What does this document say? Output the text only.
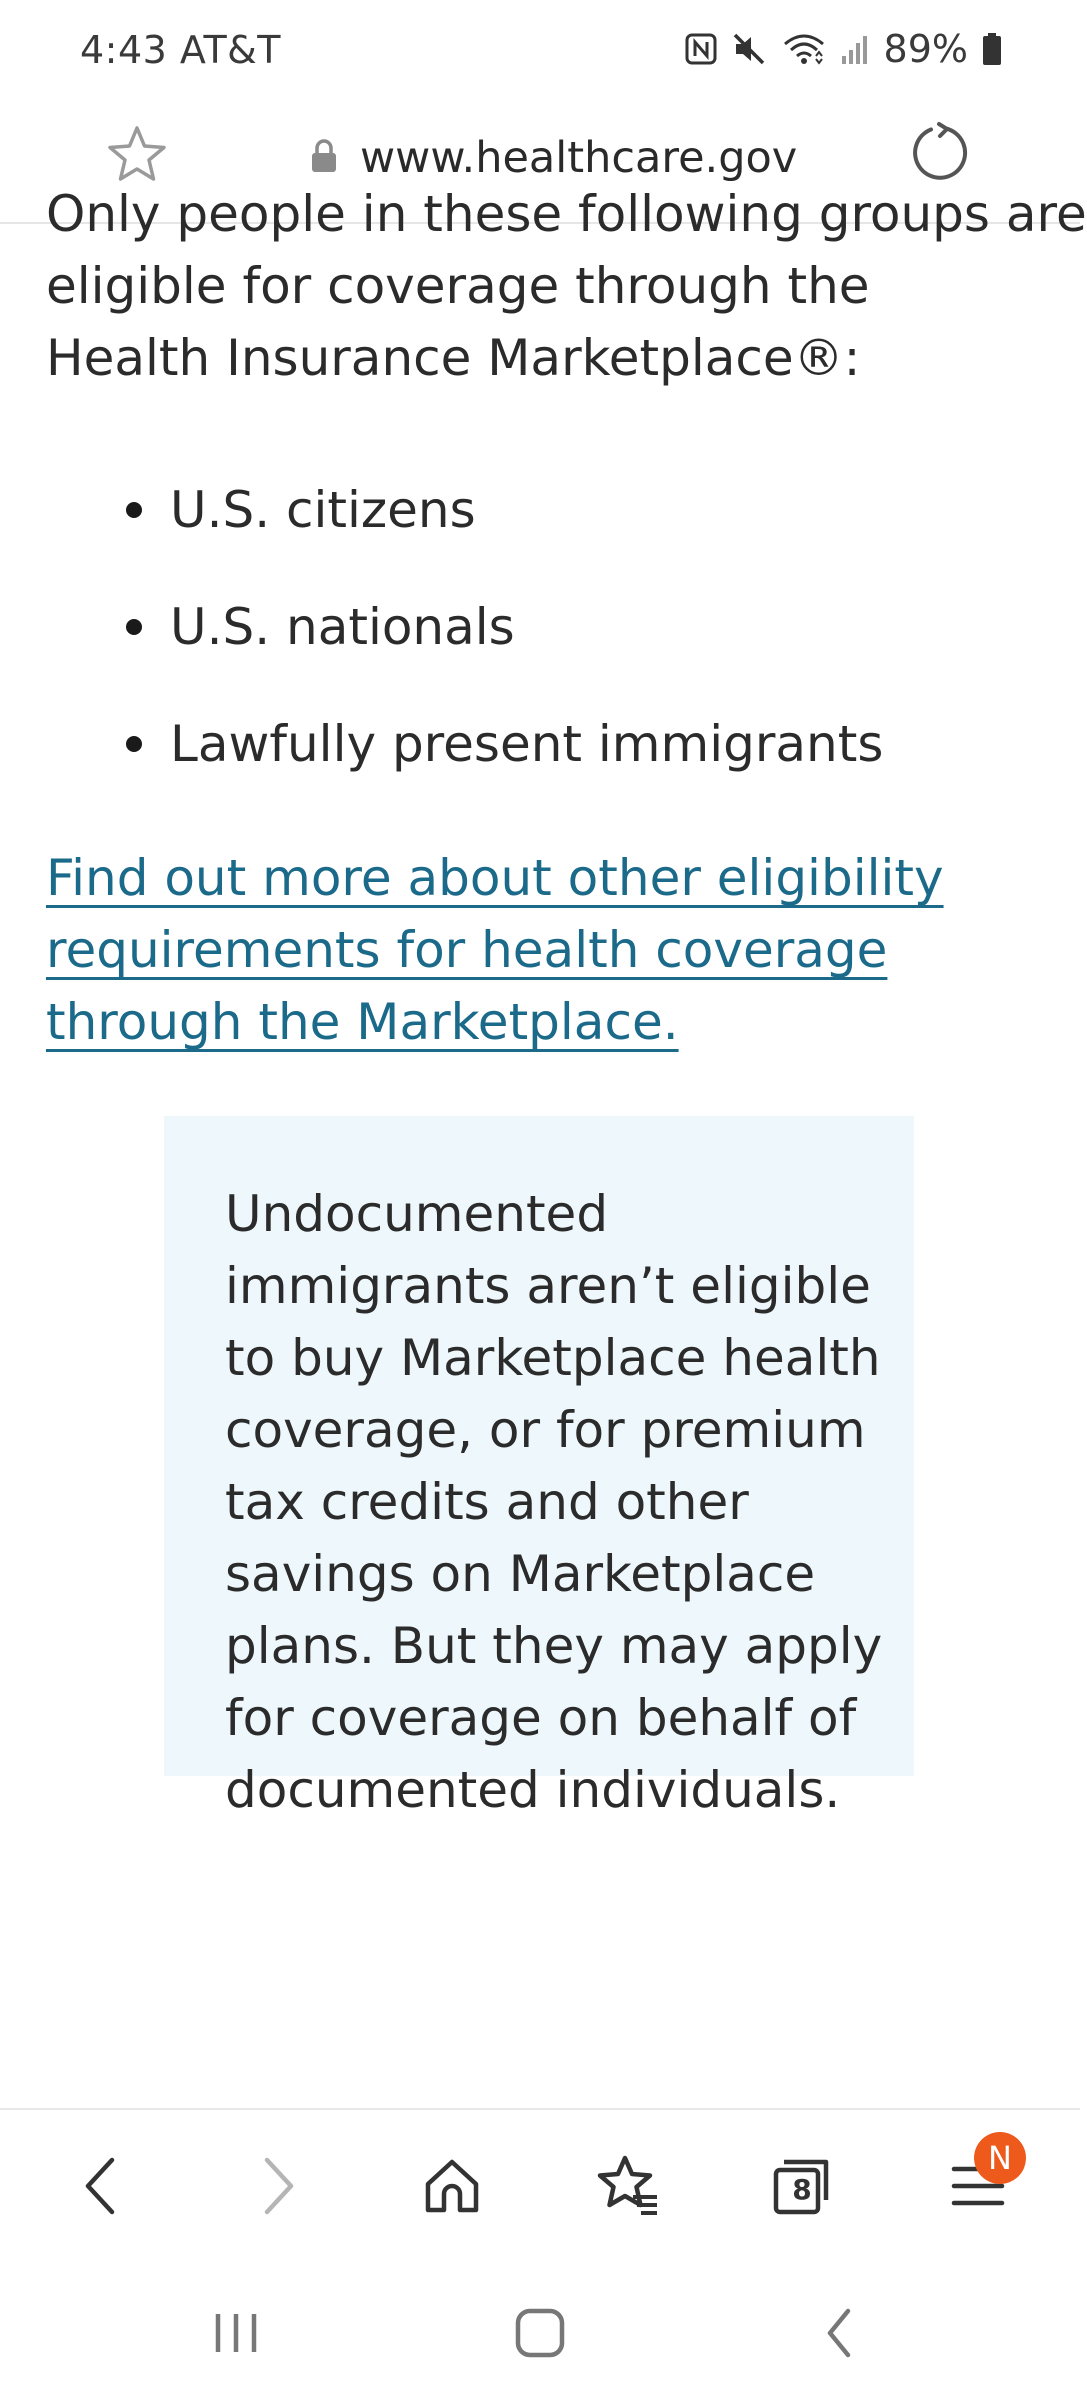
4:43 AT&T	89%
www.healthcare.gov
Only people in these following groups are

eligible for coverage through the Health Insurance Marketplace®:

U.S. citizens
U.S. nationals
Lawfully present immigrants
Find out more about other eligibility requirements for health coverage through the Marketplace.

Undocumented immigrants aren’t eligible to buy Marketplace health coverage, or for premium tax credits and other savings on Marketplace plans. But they may apply for coverage on behalf of documented individuals.

8
N
